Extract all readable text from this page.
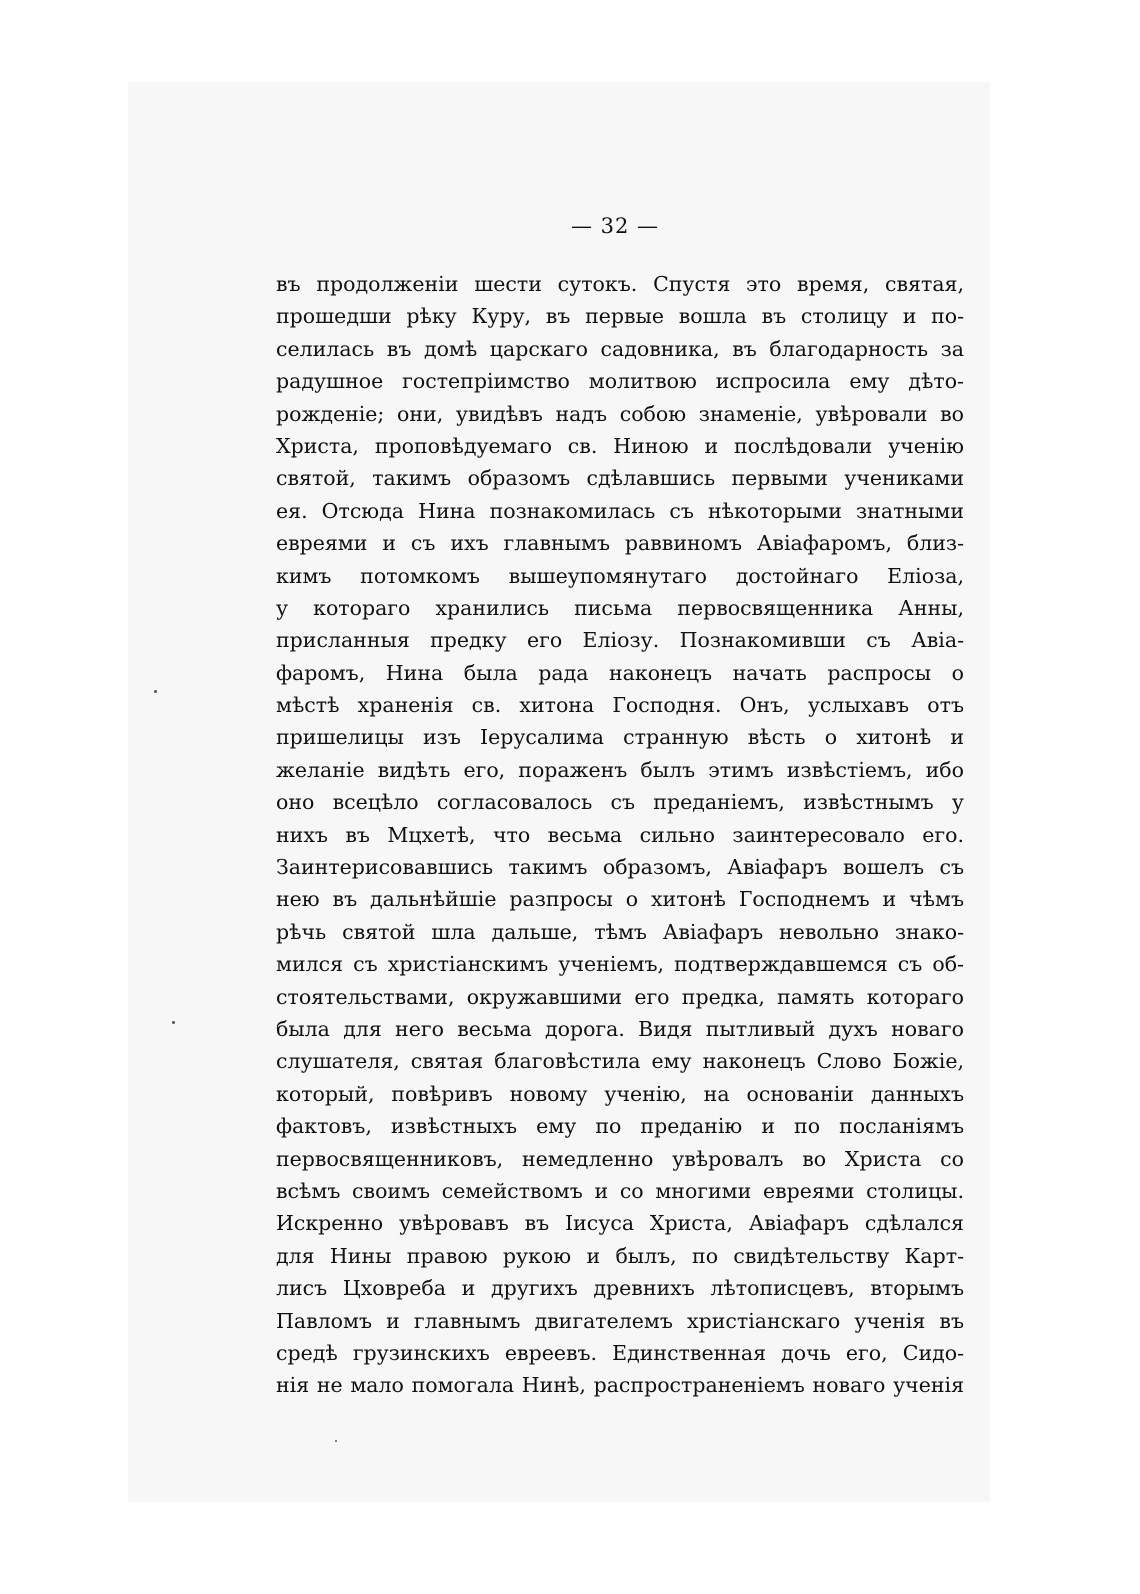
— 32 —
въ продолженiи шести сутокъ. Спустя это время, святая,
прошедши рѣку Куру, въ первые вошла въ столицу и по-
селилась въ домѣ царскаго садовника, въ благодарность за
радушное гостепрiимство молитвою испросила ему дѣто-
рожденiе; они, увидѣвъ надъ собою знаменiе, увѣровали во
Христа, проповѣдуемаго св. Ниною и послѣдовали ученiю
святой, такимъ образомъ сдѣлавшись первыми учениками
ея. Отсюда Нина познакомилась съ нѣкоторыми знатными
евреями и съ ихъ главнымъ раввиномъ Авiафаромъ, близ-
кимъ потомкомъ вышеупомянутаго достойнаго Елiоза,
у котораго хранились письма первосвященника Анны,
присланныя предку его Елiозу. Познакомивши съ Авiа-
фаромъ, Нина была рада наконецъ начать распросы о
мѣстѣ храненiя св. хитона Господня. Онъ, услыхавъ отъ
пришелицы изъ Iерусалима странную вѣсть о хитонѣ и
желанiе видѣть его, пораженъ былъ этимъ извѣстiемъ, ибо
оно всецѣло согласовалось съ преданiемъ, извѣстнымъ у
нихъ въ Мцхетѣ, что весьма сильно заинтересовало его.
Заинтерисовавшись такимъ образомъ, Авiафаръ вошелъ съ
нею въ дальнѣйшiе разпросы о хитонѣ Господнемъ и чѣмъ
рѣчь святой шла дальше, тѣмъ Авiафаръ невольно знако-
мился съ христiанскимъ ученiемъ, подтверждавшемся съ об-
стоятельствами, окружавшими его предка, память котораго
была для него весьма дорога. Видя пытливый духъ новаго
слушателя, святая благовѣстила ему наконецъ Слово Божiе,
который, повѣривъ новому ученiю, на основанiи данныхъ
фактовъ, извѣстныхъ ему по преданiю и по посланiямъ
первосвященниковъ, немедленно увѣровалъ во Христа со
всѣмъ своимъ семействомъ и со многими евреями столицы.
Искренно увѣровавъ въ Iисуса Христа, Авiафаръ сдѣлался
для Нины правою рукою и былъ, по свидѣтельству Карт-
лисъ Цховреба и другихъ древнихъ лѣтописцевъ, вторымъ
Павломъ и главнымъ двигателемъ христiанскаго ученiя въ
средѣ грузинскихъ евреевъ. Единственная дочь его, Сидо-
нiя не мало помогала Нинѣ, распространенiемъ новаго ученiя
